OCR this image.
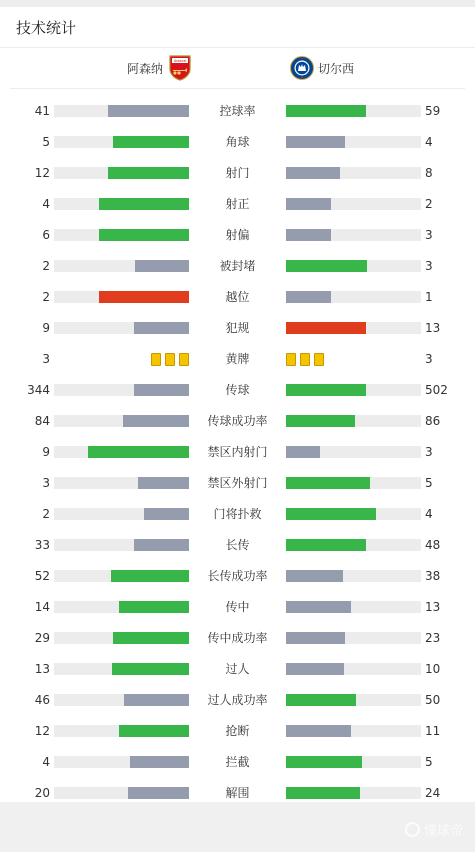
技术统计
阿森纳
Arsenal
切尔西
41	控球率	59
5	角球	4
12	射门	8
4	射正	2
6	射偏	3
2	被封堵	3
2	越位	1
9	犯规	13
3	黄牌	3
344	传球	502
84	传球成功率	86
9	禁区内射门	3
3	禁区外射门	5
2	门将扑救	4
33	长传	48
52	长传成功率	38
14	传中	13
29	传中成功率	23
13	过人	10
46	过人成功率	50
12	抢断	11
4	拦截	5
20	解围	24
懂球帝
